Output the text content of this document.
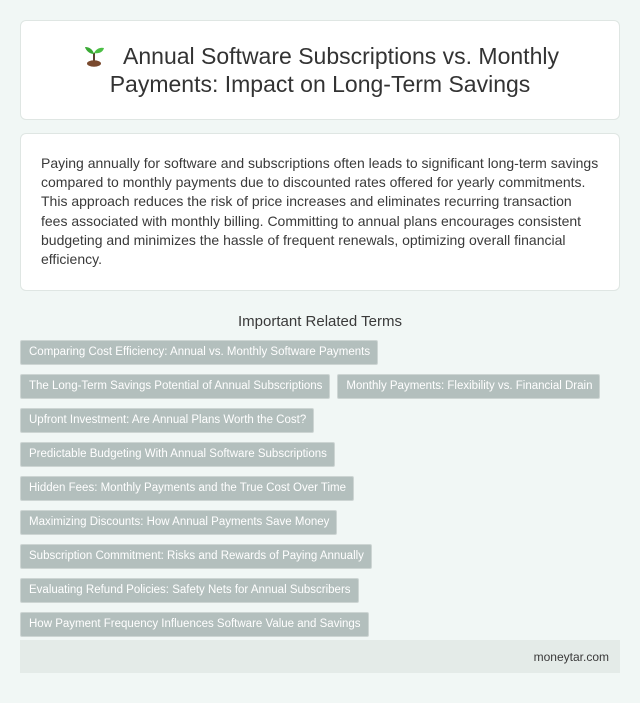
Annual Software Subscriptions vs. Monthly Payments: Impact on Long-Term Savings

Paying annually for software and subscriptions often leads to significant long-term savings compared to monthly payments due to discounted rates offered for yearly commitments. This approach reduces the risk of price increases and eliminates recurring transaction fees associated with monthly billing. Committing to annual plans encourages consistent budgeting and minimizes the hassle of frequent renewals, optimizing overall financial efficiency.

Important Related Terms
Comparing Cost Efficiency: Annual vs. Monthly Software Payments
The Long-Term Savings Potential of Annual Subscriptions	Monthly Payments: Flexibility vs. Financial Drain
Upfront Investment: Are Annual Plans Worth the Cost?
Predictable Budgeting With Annual Software Subscriptions
Hidden Fees: Monthly Payments and the True Cost Over Time
Maximizing Discounts: How Annual Payments Save Money
Subscription Commitment: Risks and Rewards of Paying Annually
Evaluating Refund Policies: Safety Nets for Annual Subscribers
How Payment Frequency Influences Software Value and Savings
moneytar.com
